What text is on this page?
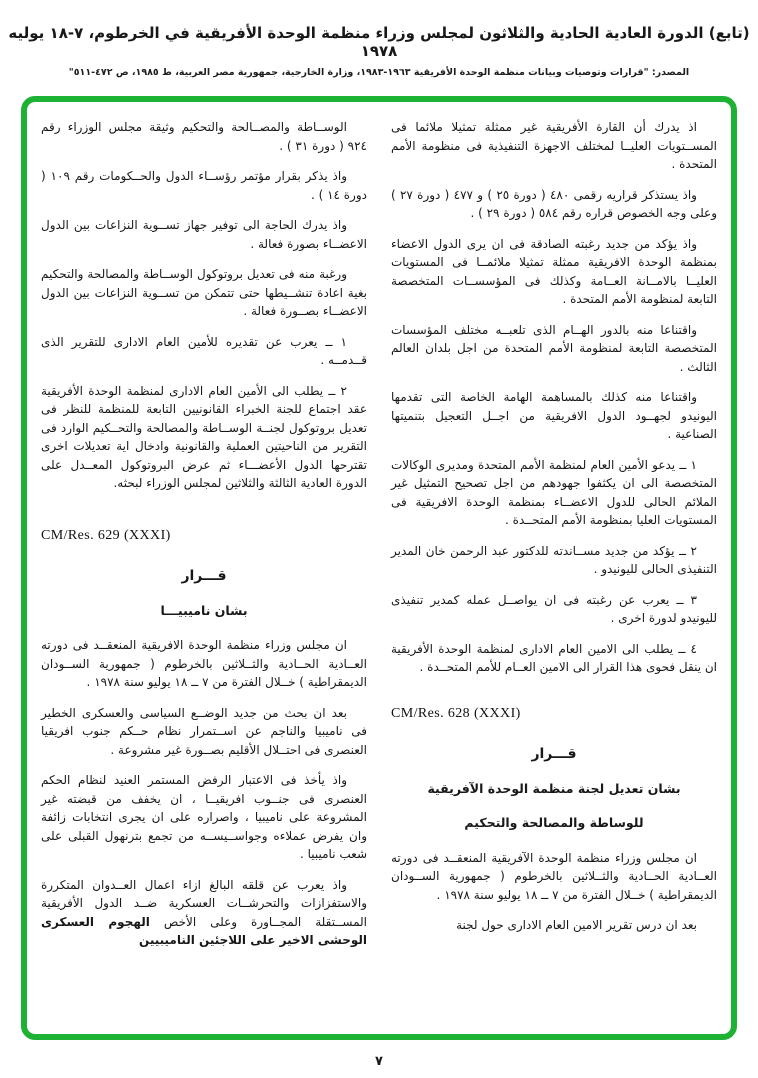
(تابع) الدورة العادية الحادية والثلاثون لمجلس وزراء منظمة الوحدة الأفريقية في الخرطوم، ٧-١٨ يوليه ١٩٧٨
المصدر: "قرارات وتوصيات وبيانات منظمة الوحدة الأفريقية ١٩٦٣-١٩٨٣، وزارة الخارجية، جمهورية مصر العربية، ط ١٩٨٥، ص ٤٧٢-٥١١"

اذ يدرك أن القارة الأفريقية غير ممثلة تمثيلا ملائما فى المســتويات العليــا لمختلف الاجهزة التنفيذية فى منظومة الأمم المتحدة .

واذ يستذكر قراريه رقمى ٤٨٠ ( دورة ٢٥ ) و ٤٧٧ ( دورة ٢٧ ) وعلى وجه الخصوص قراره رقم ٥٨٤ ( دورة ٢٩ ) .

واذ يؤكد من جديد رغبته الصادقة فى ان يرى الدول الاعضاء بمنظمة الوحدة الافريقية ممثلة تمثيلا ملائمــا فى المستويات العليــا بالامــانة العــامة وكذلك فى المؤسســات المتخصصة التابعة لمنظومة الأمم المتحدة .

واقتناعا منه بالدور الهــام الذى تلعبــه مختلف المؤسسات المتخصصة التابعة لمنظومة الأمم المتحدة من اجل بلدان العالم الثالث .

واقتناعا منه كذلك بالمساهمة الهامة الخاصة التى تقدمها اليونيدو لجهــود الدول الافريقية من اجــل التعجيل بتنميتها الصناعية .

١ ــ يدعو الأمين العام لمنظمة الأمم المتحدة ومديرى الوكالات المتخصصة الى ان يكثفوا جهودهم من اجل تصحيح التمثيل غير الملائم الحالى للدول الاعضــاء بمنظمة الوحدة الافريقية فى المستويات العليا بمنظومة الأمم المتحــدة .

٢ ــ يؤكد من جديد مســاندته للدكتور عبد الرحمن خان المدير التنفيذى الحالى لليونيدو .

٣ ــ يعرب عن رغبته فى ان يواصــل عمله كمدير تنفيذى لليونيدو لدورة اخرى .

٤ ــ يطلب الى الامين العام الادارى لمنظمة الوحدة الأفريقية ان ينقل فحوى هذا القرار الى الامين العــام للأمم المتحــدة .

CM/Res. 628 (XXXI)
قـــرار
بشان تعديل لجنة منظمة الوحدة الآفريقية
للوساطة والمصالحة والتحكيم

ان مجلس وزراء منظمة الوحدة الآفريقية المنعقــد فى دورته العــادية الحــادية والثــلاثين بالخرطوم ( جمهورية الســودان الديمقراطية ) خــلال الفترة من ٧ ــ ١٨ يوليو سنة ١٩٧٨ .

بعد ان درس تقرير الامين العام الادارى حول لجنة

الوســاطة والمصــالحة والتحكيم وثيقة مجلس الوزراء رقم ٩٢٤ ( دورة ٣١ ) .

واذ يذكر بقرار مؤتمر رؤســاء الدول والحــكومات رقم ١٠٩ ( دورة ١٤ ) .

واذ يدرك الحاجة الى توفير جهاز تســوية النزاعات بين الدول الاعضــاء بصورة فعالة .

ورغبة منه فى تعديل بروتوكول الوســاطة والمصالحة والتحكيم بغية اعادة تنشــيطها حتى تتمكن من تســوية النزاعات بين الدول الاعضــاء بصــورة فعالة .

١ ــ يعرب عن تقديره للأمين العام الادارى للتقرير الذى قــدمــه .

٢ ــ يطلب الى الأمين العام الادارى لمنظمة الوحدة الأفريقية عقد اجتماع للجنة الخبراء القانونيين التابعة للمنظمة للنظر فى تعديل بروتوكول لجنــة الوســاطة والمصالحة والتحــكيم الوارد فى التقرير من الناحيتين العملية والقانونية وادخال اية تعديلات اخرى تقترحها الدول الأعضـــاء ثم عرض البروتوكول المعــدل على الدورة العادية الثالثة والثلاثين لمجلس الوزراء لبحثه.

CM/Res. 629 (XXXI)
قـــرار
بشان ناميبيـــا

ان مجلس وزراء منظمة الوحدة الافريقية المنعقــد فى دورته العــادية الحــادية والثــلاثين بالخرطوم ( جمهورية الســودان الديمقراطية ) خــلال الفترة من ٧ ــ ١٨ يوليو سنة ١٩٧٨ .

بعد ان بحث من جديد الوضــع السياسى والعسكرى الخطير فى ناميبيا والناجم عن اســتمرار نظام حــكم جنوب افريقيا العنصرى فى احتــلال الأقليم بصــورة غير مشروعة .

واذ يأخذ فى الاعتبار الرفض المستمر العنيد لنظام الحكم العنصرى فى جنــوب افريقيــا ، ان يخفف من قبضته غير المشروعة على ناميبيا ، واصراره على ان يجرى انتخابات زائفة وان يفرض عملاءه وجواســيســه من تجمع بترنهول القبلى على شعب ناميبيا .

واذ يعرب عن قلقه البالغ ازاء اعمال العــدوان المتكررة والاستفزازات والتحرشــات العسكرية ضــد الدول الأفريقية المســتقلة المجــاورة وعلى الأخص الهجوم العسكرى الوحشى الاخير على اللاجئين الناميبيين

٧
